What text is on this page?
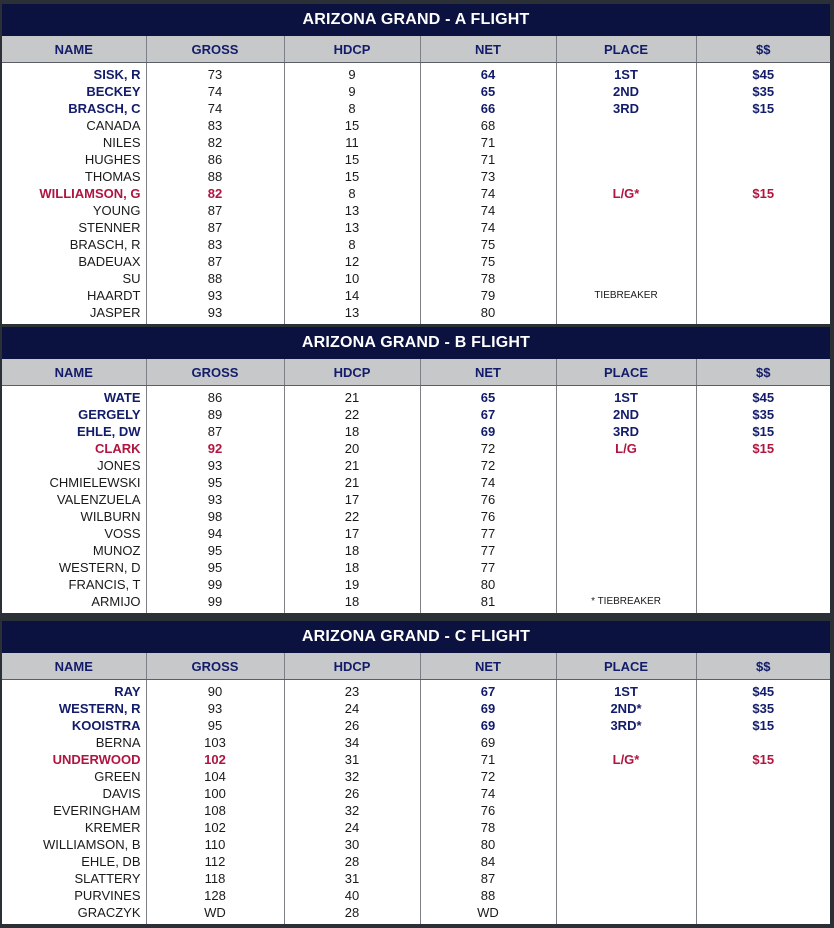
ARIZONA GRAND - A FLIGHT
NAME	GROSS	HDCP	NET	PLACE	$$
SISK, R	73	9	64	1ST	$45
BECKEY	74	9	65	2ND	$35
BRASCH, C	74	8	66	3RD	$15
CANADA	83	15	68		
NILES	82	11	71		
HUGHES	86	15	71		
THOMAS	88	15	73		
WILLIAMSON, G	82	8	74	L/G*	$15
YOUNG	87	13	74		
STENNER	87	13	74		
BRASCH, R	83	8	75		
BADEUAX	87	12	75		
SU	88	10	78		
HAARDT	93	14	79	TIEBREAKER	
JASPER	93	13	80		
ARIZONA GRAND - B FLIGHT
NAME	GROSS	HDCP	NET	PLACE	$$
WATE	86	21	65	1ST	$45
GERGELY	89	22	67	2ND	$35
EHLE, DW	87	18	69	3RD	$15
CLARK	92	20	72	L/G	$15
JONES	93	21	72		
CHMIELEWSKI	95	21	74		
VALENZUELA	93	17	76		
WILBURN	98	22	76		
VOSS	94	17	77		
MUNOZ	95	18	77		
WESTERN, D	95	18	77		
FRANCIS, T	99	19	80		
ARMIJO	99	18	81	* TIEBREAKER	
ARIZONA GRAND - C FLIGHT
NAME	GROSS	HDCP	NET	PLACE	$$
RAY	90	23	67	1ST	$45
WESTERN, R	93	24	69	2ND*	$35
KOOISTRA	95	26	69	3RD*	$15
BERNA	103	34	69		
UNDERWOOD	102	31	71	L/G*	$15
GREEN	104	32	72		
DAVIS	100	26	74		
EVERINGHAM	108	32	76		
KREMER	102	24	78		
WILLIAMSON, B	110	30	80		
EHLE, DB	112	28	84		
SLATTERY	118	31	87		
PURVINES	128	40	88		
GRACZYK	WD	28	WD		
